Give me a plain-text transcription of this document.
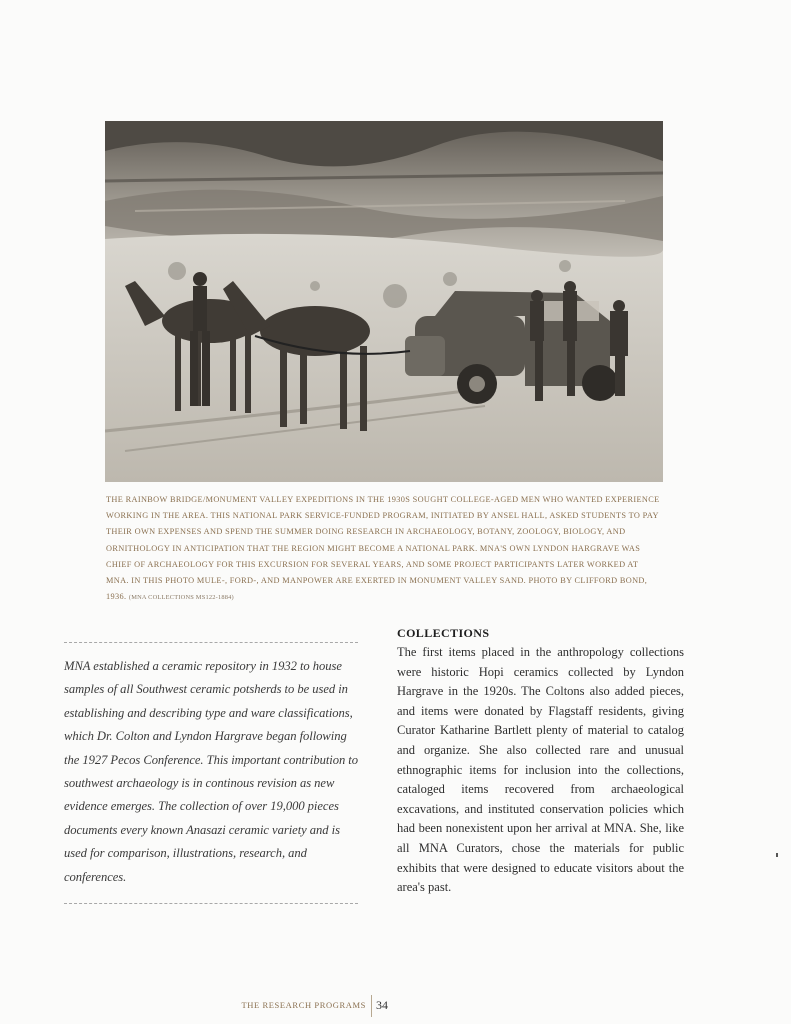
THE RAINBOW BRIDGE/MONUMENT VALLEY EXPEDITIONS IN THE 1930S SOUGHT COLLEGE-AGED MEN WHO WANTED EXPERIENCE WORKING IN THE AREA. THIS NATIONAL PARK SERVICE-FUNDED PROGRAM, INITIATED BY ANSEL HALL, ASKED STUDENTS TO PAY THEIR OWN EXPENSES AND SPEND THE SUMMER DOING RESEARCH IN ARCHAEOLOGY, BOTANY, ZOOLOGY, BIOLOGY, AND ORNITHOLOGY IN ANTICIPATION THAT THE REGION MIGHT BECOME A NATIONAL PARK. MNA'S OWN LYNDON HARGRAVE WAS CHIEF OF ARCHAEOLOGY FOR THIS EXCURSION FOR SEVERAL YEARS, AND SOME PROJECT PARTICIPANTS LATER WORKED AT MNA. IN THIS PHOTO MULE-, FORD-, AND MANPOWER ARE EXERTED IN MONUMENT VALLEY SAND. PHOTO BY CLIFFORD BOND, 1936. (MNA COLLECTIONS MS122-1884)

MNA established a ceramic repository in 1932 to house samples of all Southwest ceramic potsherds to be used in establishing and describing type and ware classifications, which Dr. Colton and Lyndon Hargrave began following the 1927 Pecos Conference. This important contribution to southwest archaeology is in continous revision as new evidence emerges. The collection of over 19,000 pieces documents every known Anasazi ceramic variety and is used for comparison, illustrations, research, and conferences.

COLLECTIONS

The first items placed in the anthropology collections were historic Hopi ceramics collected by Lyndon Hargrave in the 1920s. The Coltons also added pieces, and items were donated by Flagstaff residents, giving Curator Katharine Bartlett plenty of material to catalog and organize. She also collected rare and unusual ethnographic items for inclusion into the collections, cataloged items recovered from archaeological excavations, and instituted conservation policies which had been nonexistent upon her arrival at MNA. She, like all MNA Curators, chose the materials for public exhibits that were designed to educate visitors about the area's past.

THE RESEARCH PROGRAMS 34
